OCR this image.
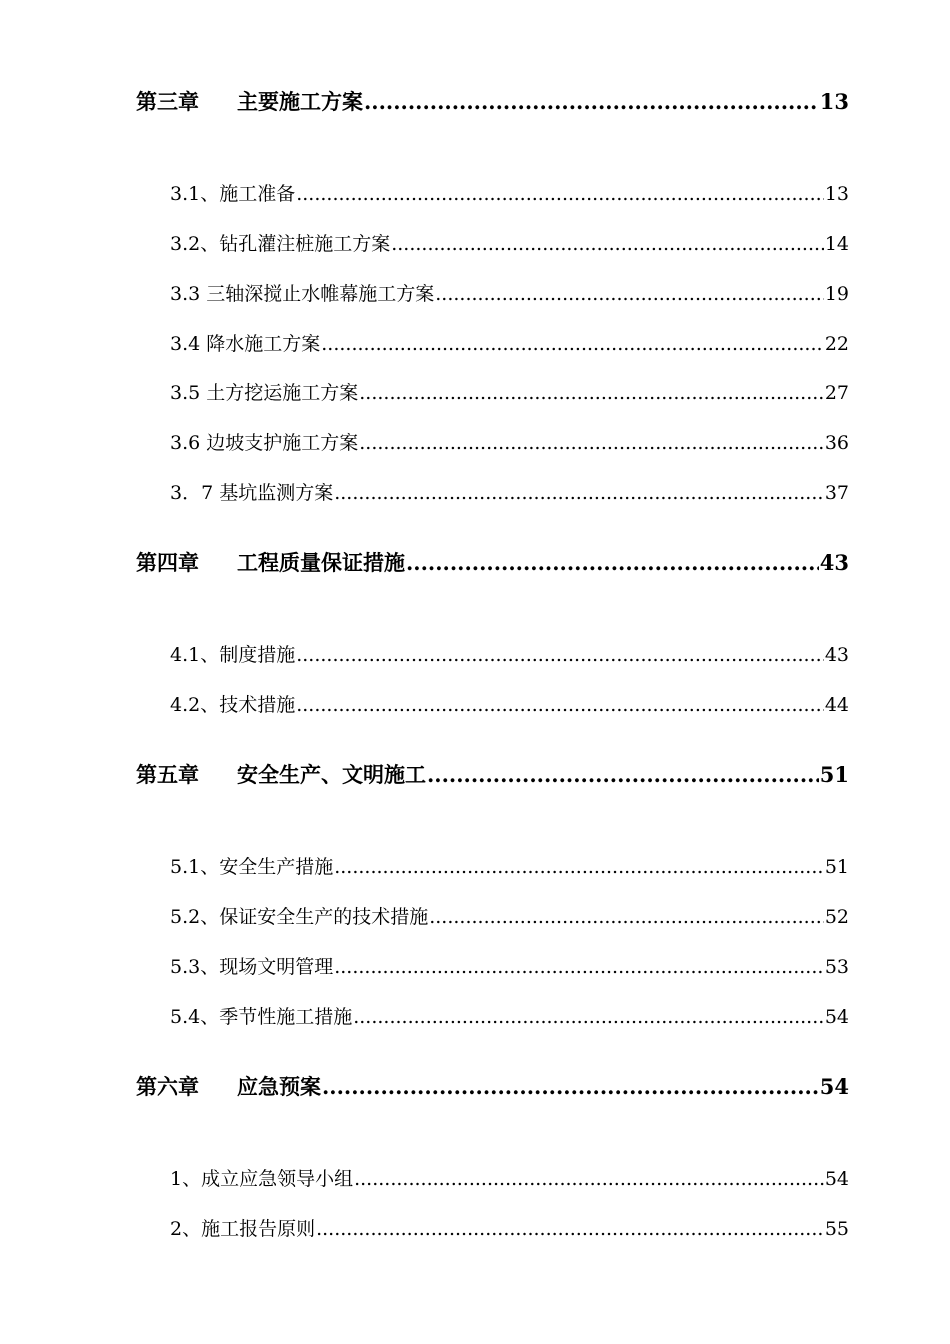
第三章 主要施工方案 .....	13
3.1、施工准备 .....	13
3.2、钻孔灌注桩施工方案 .....	14
3.3 三轴深搅止水帷幕施工方案 .....	19
3.4 降水施工方案 .....	22
3.5 土方挖运施工方案 .....	27
3.6 边坡支护施工方案 .....	36
3．7 基坑监测方案 .....	37
第四章 工程质量保证措施 .....	43
4.1、制度措施 .....	43
4.2、技术措施 .....	44
第五章 安全生产、文明施工 .....	51
5.1、安全生产措施 .....	51
5.2、保证安全生产的技术措施 .....	52
5.3、现场文明管理 .....	53
5.4、季节性施工措施 .....	54
第六章 应急预案 .....	54
1、成立应急领导小组 .....	54
2、施工报告原则 .....	55
